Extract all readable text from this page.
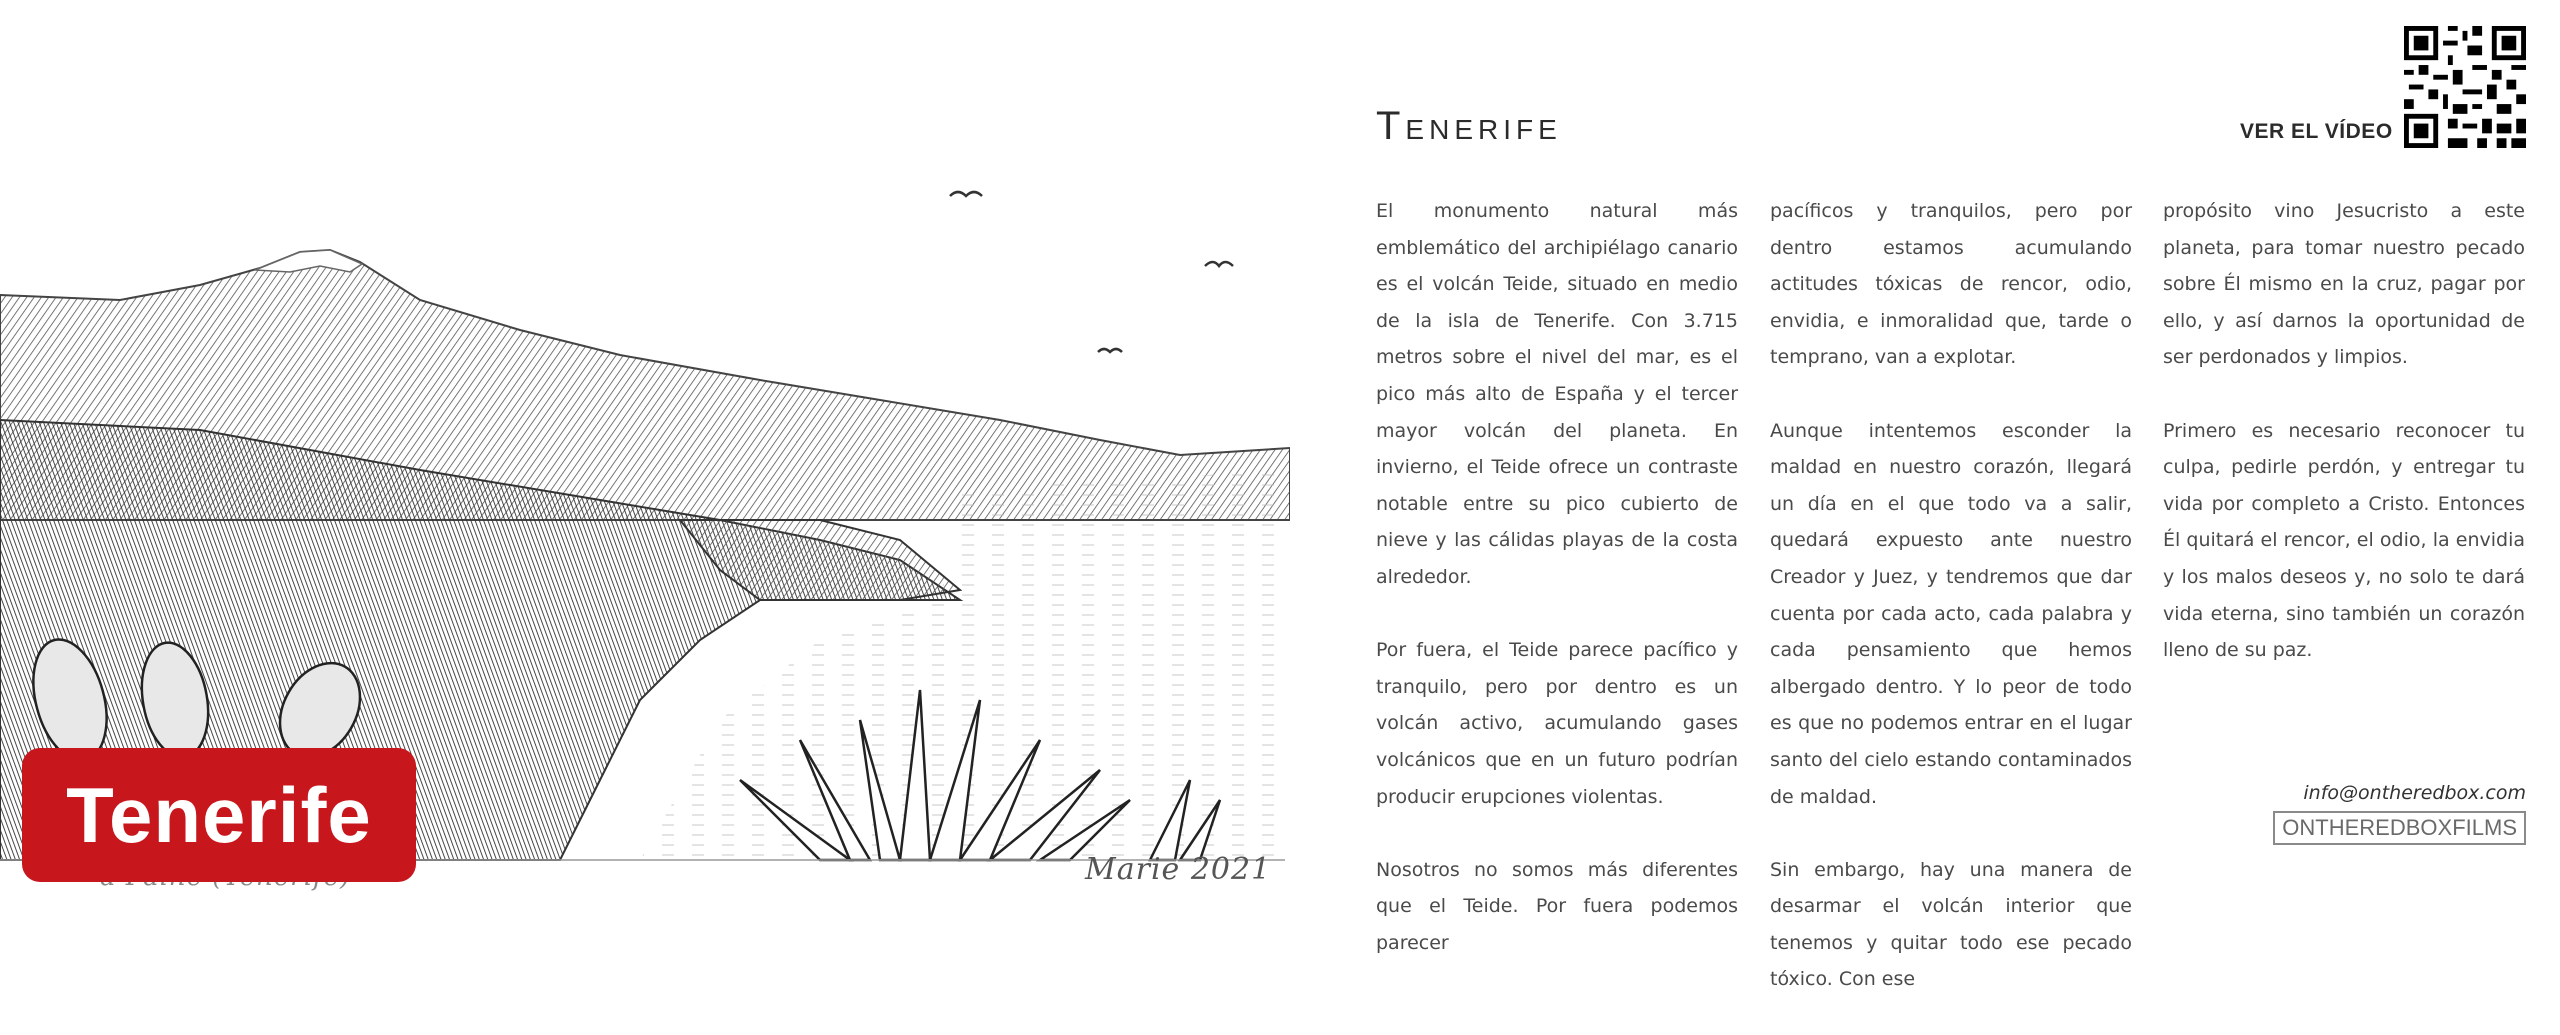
Marie 2021
Tenerife
Tenerife	VER EL VÍDEO

El monumento natural más emblemático del archipiélago canario es el volcán Teide, situado en medio de la isla de Tenerife. Con 3.715 metros sobre el nivel del mar, es el pico más alto de España y el tercer mayor volcán del planeta. En invierno, el Teide ofrece un contraste notable entre su pico cubierto de nieve y las cálidas playas de la costa alrededor.

Por fuera, el Teide parece pacífico y tranquilo, pero por dentro es un volcán activo, acumulando gases volcánicos que en un futuro podrían producir erupciones violentas.

Nosotros no somos más diferentes que el Teide. Por fuera podemos parecer

pacíficos y tranquilos, pero por dentro estamos acumulando actitudes tóxicas de rencor, odio, envidia, e inmoralidad que, tarde o temprano, van a explotar.

Aunque intentemos esconder la maldad en nuestro corazón, llegará un día en el que todo va a salir, quedará expuesto ante nuestro Creador y Juez, y tendremos que dar cuenta por cada acto, cada palabra y cada pensamiento que hemos albergado dentro. Y lo peor de todo es que no podemos entrar en el lugar santo del cielo estando contaminados de maldad.

Sin embargo, hay una manera de desarmar el volcán interior que tenemos y quitar todo ese pecado tóxico. Con ese

propósito vino Jesucristo a este planeta, para tomar nuestro pecado sobre Él mismo en la cruz, pagar por ello, y así darnos la oportunidad de ser perdonados y limpios.

Primero es necesario reconocer tu culpa, pedirle perdón, y entregar tu vida por completo a Cristo. Entonces Él quitará el rencor, el odio, la envidia y los malos deseos y, no solo te dará vida eterna, sino también un corazón lleno de su paz.

info@ontheredbox.com
ONTHEREDBOXFILMS
